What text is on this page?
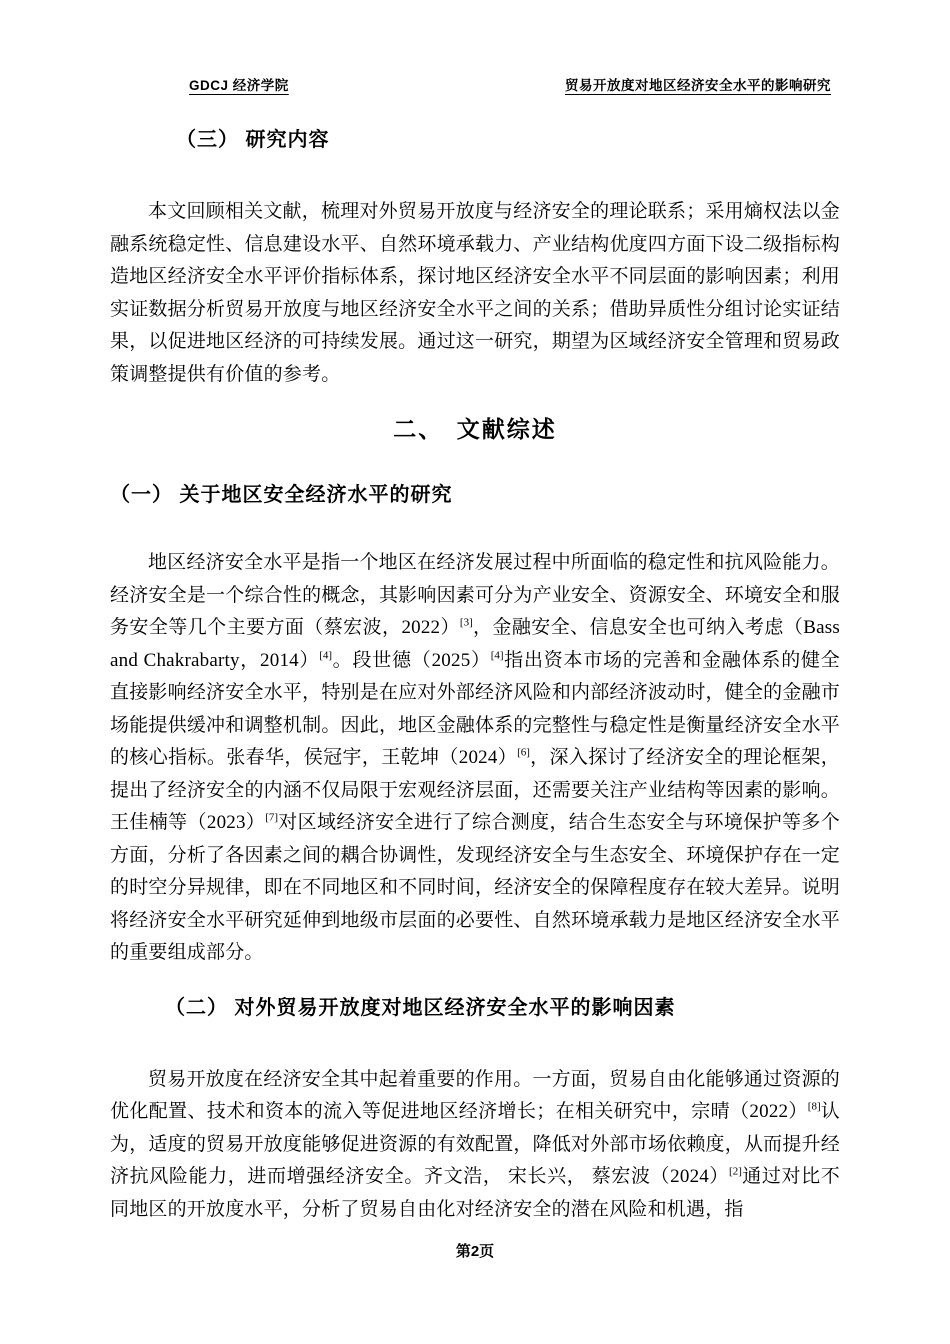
GDCJ 经济学院	贸易开放度对地区经济安全水平的影响研究
（三） 研究内容

本文回顾相关文献，梳理对外贸易开放度与经济安全的理论联系；采用熵权法以金融系统稳定性、信息建设水平、自然环境承载力、产业结构优度四方面下设二级指标构造地区经济安全水平评价指标体系，探讨地区经济安全水平不同层面的影响因素；利用实证数据分析贸易开放度与地区经济安全水平之间的关系；借助异质性分组讨论实证结果，以促进地区经济的可持续发展。通过这一研究，期望为区域经济安全管理和贸易政策调整提供有价值的参考。

二、　文献综述
（一） 关于地区安全经济水平的研究

地区经济安全水平是指一个地区在经济发展过程中所面临的稳定性和抗风险能力。经济安全是一个综合性的概念，其影响因素可分为产业安全、资源安全、环境安全和服务安全等几个主要方面（蔡宏波，2022）[3]，金融安全、信息安全也可纳入考虑（Bass and Chakrabarty，2014）[4]。段世德（2025）[4]指出资本市场的完善和金融体系的健全直接影响经济安全水平，特别是在应对外部经济风险和内部经济波动时，健全的金融市场能提供缓冲和调整机制。因此，地区金融体系的完整性与稳定性是衡量经济安全水平的核心指标。张春华，侯冠宇，王乾坤（2024）[6]，深入探讨了经济安全的理论框架，提出了经济安全的内涵不仅局限于宏观经济层面，还需要关注产业结构等因素的影响。王佳楠等（2023）[7]对区域经济安全进行了综合测度，结合生态安全与环境保护等多个方面，分析了各因素之间的耦合协调性，发现经济安全与生态安全、环境保护存在一定的时空分异规律，即在不同地区和不同时间，经济安全的保障程度存在较大差异。说明将经济安全水平研究延伸到地级市层面的必要性、自然环境承载力是地区经济安全水平的重要组成部分。

（二） 对外贸易开放度对地区经济安全水平的影响因素

贸易开放度在经济安全其中起着重要的作用。一方面，贸易自由化能够通过资源的优化配置、技术和资本的流入等促进地区经济增长；在相关研究中，宗晴（2022）[8]认为，适度的贸易开放度能够促进资源的有效配置，降低对外部市场依赖度，从而提升经济抗风险能力，进而增强经济安全。齐文浩， 宋长兴， 蔡宏波（2024）[2]通过对比不同地区的开放度水平，分析了贸易自由化对经济安全的潜在风险和机遇，指

第2页
